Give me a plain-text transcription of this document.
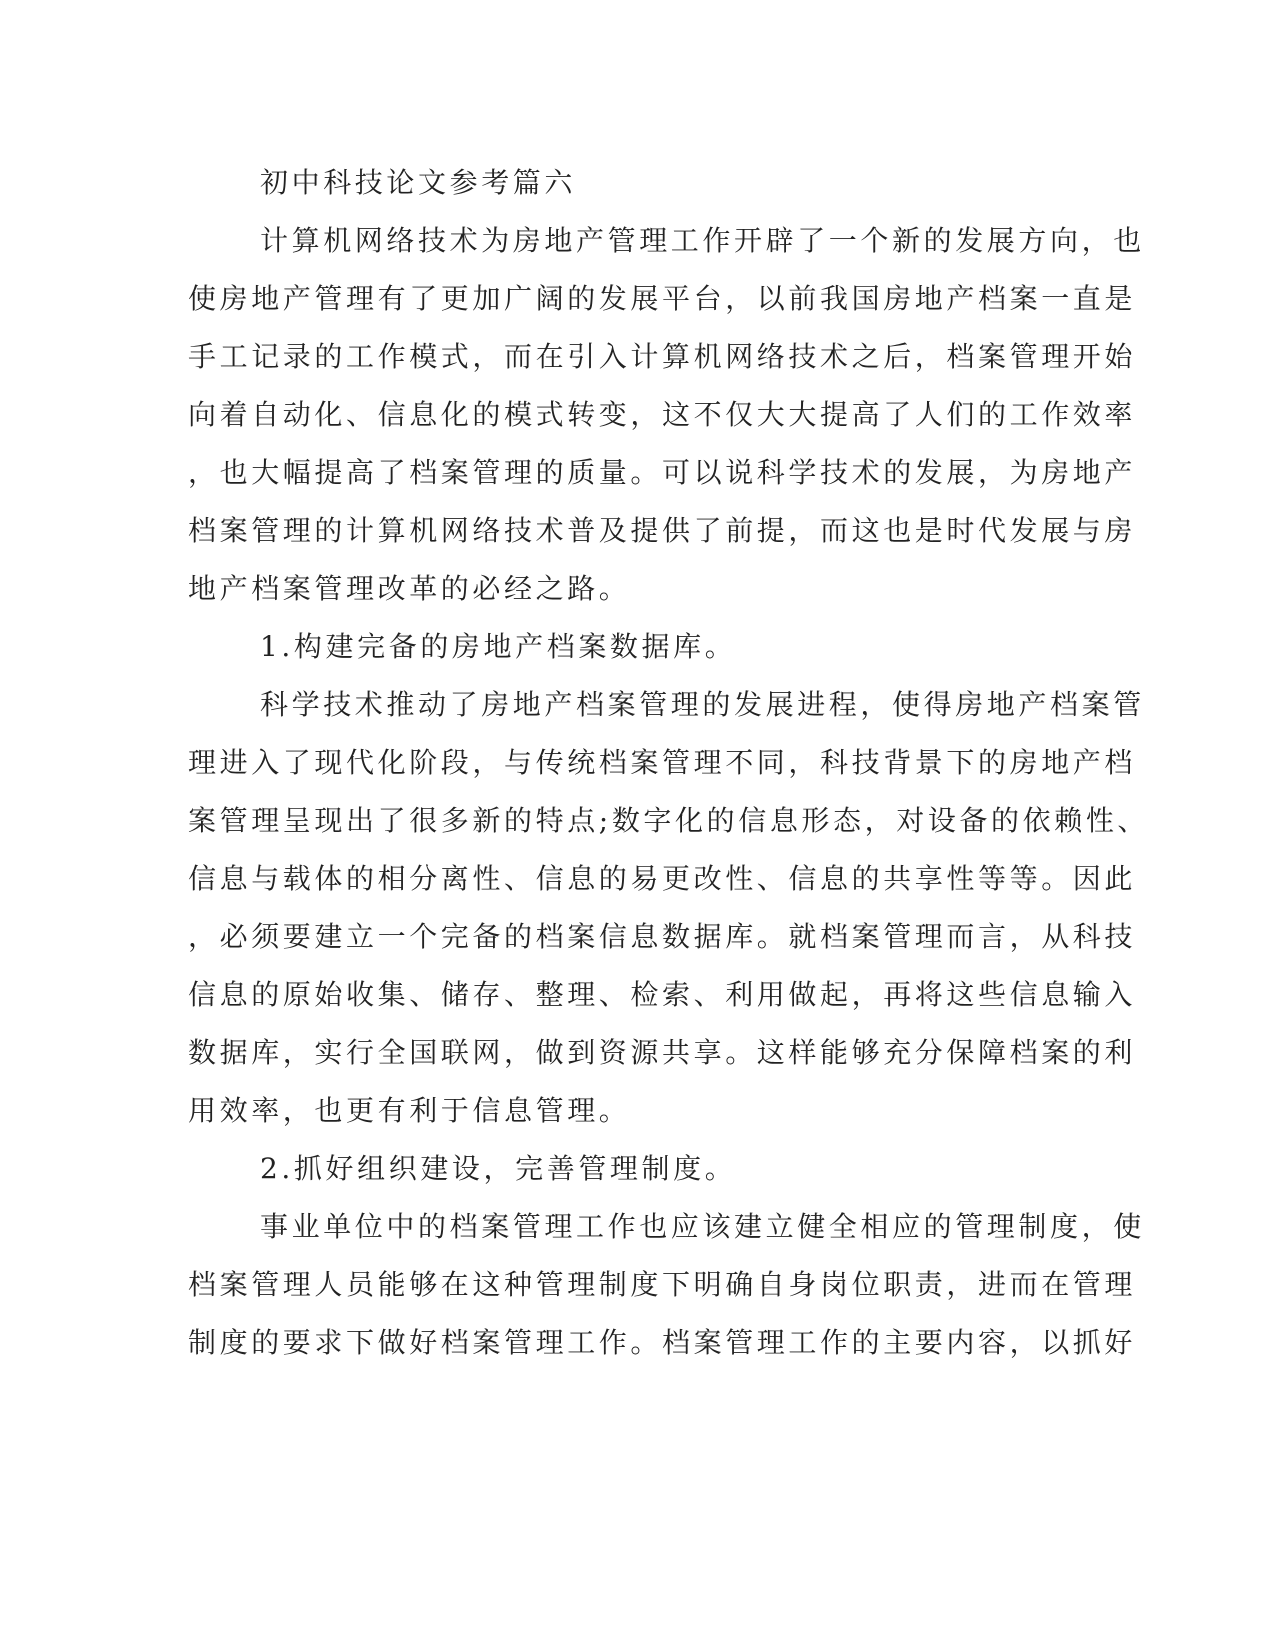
初中科技论文参考篇六
计算机网络技术为房地产管理工作开辟了一个新的发展方向，也
使房地产管理有了更加广阔的发展平台，以前我国房地产档案一直是
手工记录的工作模式，而在引入计算机网络技术之后，档案管理开始
向着自动化、信息化的模式转变，这不仅大大提高了人们的工作效率
，也大幅提高了档案管理的质量。可以说科学技术的发展，为房地产
档案管理的计算机网络技术普及提供了前提，而这也是时代发展与房
地产档案管理改革的必经之路。
1.构建完备的房地产档案数据库。
科学技术推动了房地产档案管理的发展进程，使得房地产档案管
理进入了现代化阶段，与传统档案管理不同，科技背景下的房地产档
案管理呈现出了很多新的特点;数字化的信息形态，对设备的依赖性、
信息与载体的相分离性、信息的易更改性、信息的共享性等等。因此
，必须要建立一个完备的档案信息数据库。就档案管理而言，从科技
信息的原始收集、储存、整理、检索、利用做起，再将这些信息输入
数据库，实行全国联网，做到资源共享。这样能够充分保障档案的利
用效率，也更有利于信息管理。
2.抓好组织建设，完善管理制度。
事业单位中的档案管理工作也应该建立健全相应的管理制度，使
档案管理人员能够在这种管理制度下明确自身岗位职责，进而在管理
制度的要求下做好档案管理工作。档案管理工作的主要内容，以抓好
